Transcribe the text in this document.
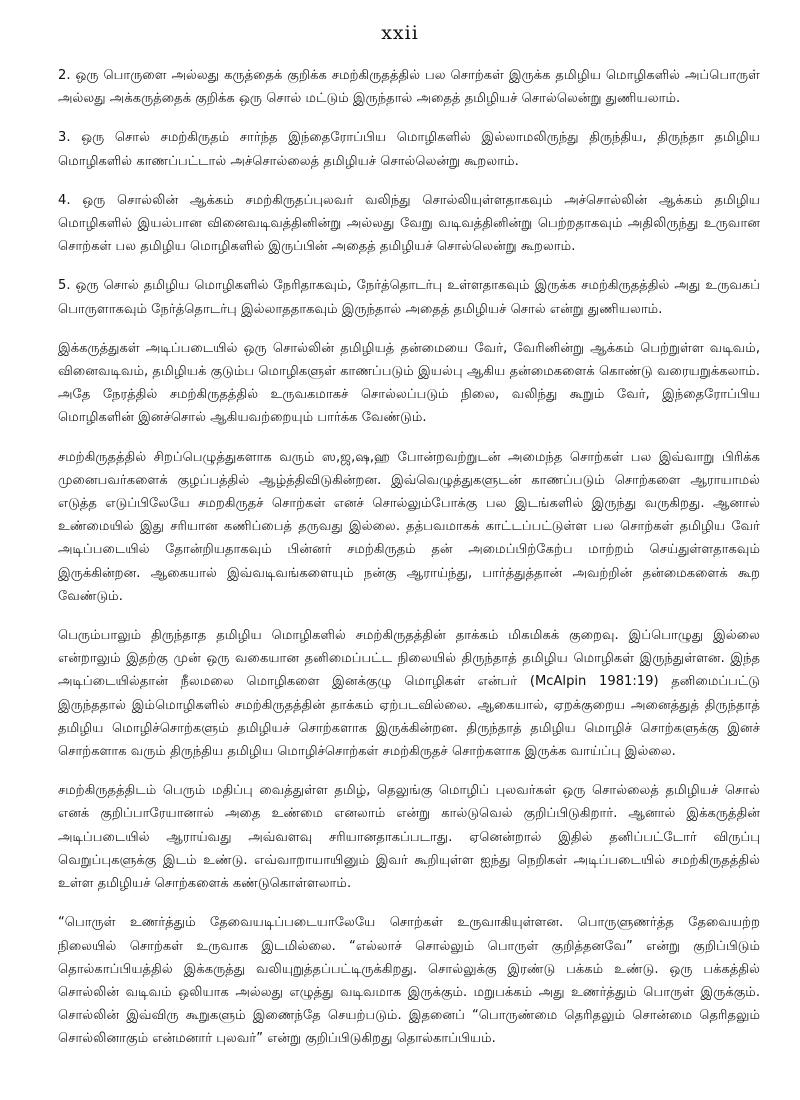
xxii

2. ஒரு பொருளை அல்லது கருத்தைக் குறிக்க சமற்கிருதத்தில் பல சொற்கள் இருக்க தமிழிய மொழிகளில் அப்பொருள் அல்லது அக்கருத்தைக் குறிக்க ஒரு சொல் மட்டும் இருந்தால் அதைத் தமிழியச் சொல்லென்று துணியலாம்.

3. ஒரு சொல் சமற்கிருதம் சார்ந்த இந்தைரோப்பிய மொழிகளில் இல்லாமலிருந்து திருந்திய, திருந்தா தமிழிய மொழிகளில் காணப்பட்டால் அச்சொல்லைத் தமிழியச் சொல்லென்று கூறலாம்.

4. ஒரு சொல்லின் ஆக்கம் சமற்கிருதப்புலவர் வலிந்து சொல்லியுள்ளதாகவும் அச்சொல்லின் ஆக்கம் தமிழிய மொழிகளில் இயல்பான வினைவடிவத்தினின்று அல்லது வேறு வடிவத்தினின்று பெற்றதாகவும் அதிலிருந்து உருவான சொற்கள் பல தமிழிய மொழிகளில் இருப்பின் அதைத் தமிழியச் சொல்லென்று கூறலாம்.

5. ஒரு சொல் தமிழிய மொழிகளில் நேரிதாகவும், நேர்த்தொடர்பு உள்ளதாகவும் இருக்க சமற்கிருதத்தில் அது உருவகப் பொருளாகவும் நேர்த்தொடர்பு இல்லாததாகவும் இருந்தால் அதைத் தமிழியச் சொல் என்று துணியலாம்.

இக்கருத்துகள் அடிப்படையில் ஒரு சொல்லின் தமிழியத் தன்மையை வேர், வேரினின்று ஆக்கம் பெற்றுள்ள வடிவம், வினைவடிவம், தமிழியக் குடும்ப மொழிகளுள் காணப்படும் இயல்பு ஆகிய தன்மைகளைக் கொண்டு வரையறுக்கலாம். அதே நேரத்தில் சமற்கிருதத்தில் உருவகமாகச் சொல்லப்படும் நிலை, வலிந்து கூறும் வேர், இந்தைரோப்பிய மொழிகளின் இனச்சொல் ஆகியவற்றையும் பார்க்க வேண்டும்.

சமற்கிருதத்தில் சிறப்பெழுத்துகளாக வரும் ஸ,ஜ,ஷ,ஹ போன்றவற்றுடன் அமைந்த சொற்கள் பல இவ்வாறு பிரிக்க முனைபவர்களைக் குழப்பத்தில் ஆழ்த்திவிடுகின்றன. இவ்வெழுத்துகளுடன் காணப்படும் சொற்களை ஆராயாமல் எடுத்த எடுப்பிலேயே சமறகிருதச் சொற்கள் எனச் சொல்லும்போக்கு பல இடங்களில் இருந்து வருகிறது. ஆனால் உண்மையில் இது சரியான கணிப்பைத் தருவது இல்லை. தத்பவமாகக் காட்டப்பட்டுள்ள பல சொற்கள் தமிழிய வேர் அடிப்படையில் தோன்றியதாகவும் பின்னர் சமற்கிருதம் தன் அமைப்பிற்கேற்ப மாற்றம் செய்துள்ளதாகவும் இருக்கின்றன. ஆகையால் இவ்வடிவங்களையும் நன்கு ஆராய்ந்து, பார்த்துத்தான் அவற்றின் தன்மைகளைக் கூற வேண்டும்.

பெரும்பாலும் திருந்தாத தமிழிய மொழிகளில் சமற்கிருதத்தின் தாக்கம் மிகமிகக் குறைவு. இப்பொழுது இல்லை என்றாலும் இதற்கு முன் ஒரு வகையான தனிமைப்பட்ட நிலையில் திருந்தாத் தமிழிய மொழிகள் இருந்துள்ளன. இந்த அடிப்டையில்தான் நீலமலை மொழிகளை இனக்குழு மொழிகள் என்பர் (McAlpin 1981:19) தனிமைப்பட்டு இருந்ததால் இம்மொழிகளில் சமற்கிருதத்தின் தாக்கம் ஏற்படவில்லை. ஆகையால், ஏறக்குறைய அனைத்துத் திருந்தாத் தமிழிய மொழிச்சொற்களும் தமிழியச் சொற்களாக இருக்கின்றன. திருந்தாத் தமிழிய மொழிச் சொற்களுக்கு இனச் சொற்களாக வரும் திருந்திய தமிழிய மொழிச்சொற்கள் சமற்கிருதச் சொற்களாக இருக்க வாய்ப்பு இல்லை.

சமற்கிருதத்திடம் பெரும் மதிப்பு வைத்துள்ள தமிழ், தெலுங்கு மொழிப் புலவர்கள் ஒரு சொல்லைத் தமிழியச் சொல் எனக் குறிப்பாரேயானால் அதை உண்மை எனலாம் என்று கால்டுவெல் குறிப்பிடுகிறார். ஆனால் இக்கருத்தின் அடிப்படையில் ஆராய்வது அவ்வளவு சரியானதாகப்படாது. ஏனென்றால் இதில் தனிப்பட்டோர் விருப்பு வெறுப்புகளுக்கு இடம் உண்டு. எவ்வாறாயாயினும் இவர் கூறியுள்ள ஐந்து நெறிகள் அடிப்படையில் சமற்கிருதத்தில் உள்ள தமிழியச் சொற்களைக் கண்டுகொள்ளலாம்.

“பொருள் உணர்த்தும் தேவையடிப்படையாலேயே சொற்கள் உருவாகியுள்ளன. பொருளுணர்த்த தேவையற்ற நிலையில் சொற்கள் உருவாக இடமில்லை. “எல்லாச் சொல்லும் பொருள் குறித்தனவே” என்று குறிப்பிடும் தொல்காப்பியத்தில் இக்கருத்து வலியுறுத்தப்பட்டிருக்கிறது. சொல்லுக்கு இரண்டு பக்கம் உண்டு. ஒரு பக்கத்தில் சொல்லின் வடிவம் ஒலியாக அல்லது எழுத்து வடிவமாக இருக்கும். மறுபக்கம் அது உணர்த்தும் பொருள் இருக்கும். சொல்லின் இவ்விரு கூறுகளும் இணைந்தே செயற்படும். இதனைப் “பொருண்மை தெரிதலும் சொன்மை தெரிதலும் சொல்லினாகும் என்மனார் புலவர்” என்று குறிப்பிடுகிறது தொல்காப்பியம்.
